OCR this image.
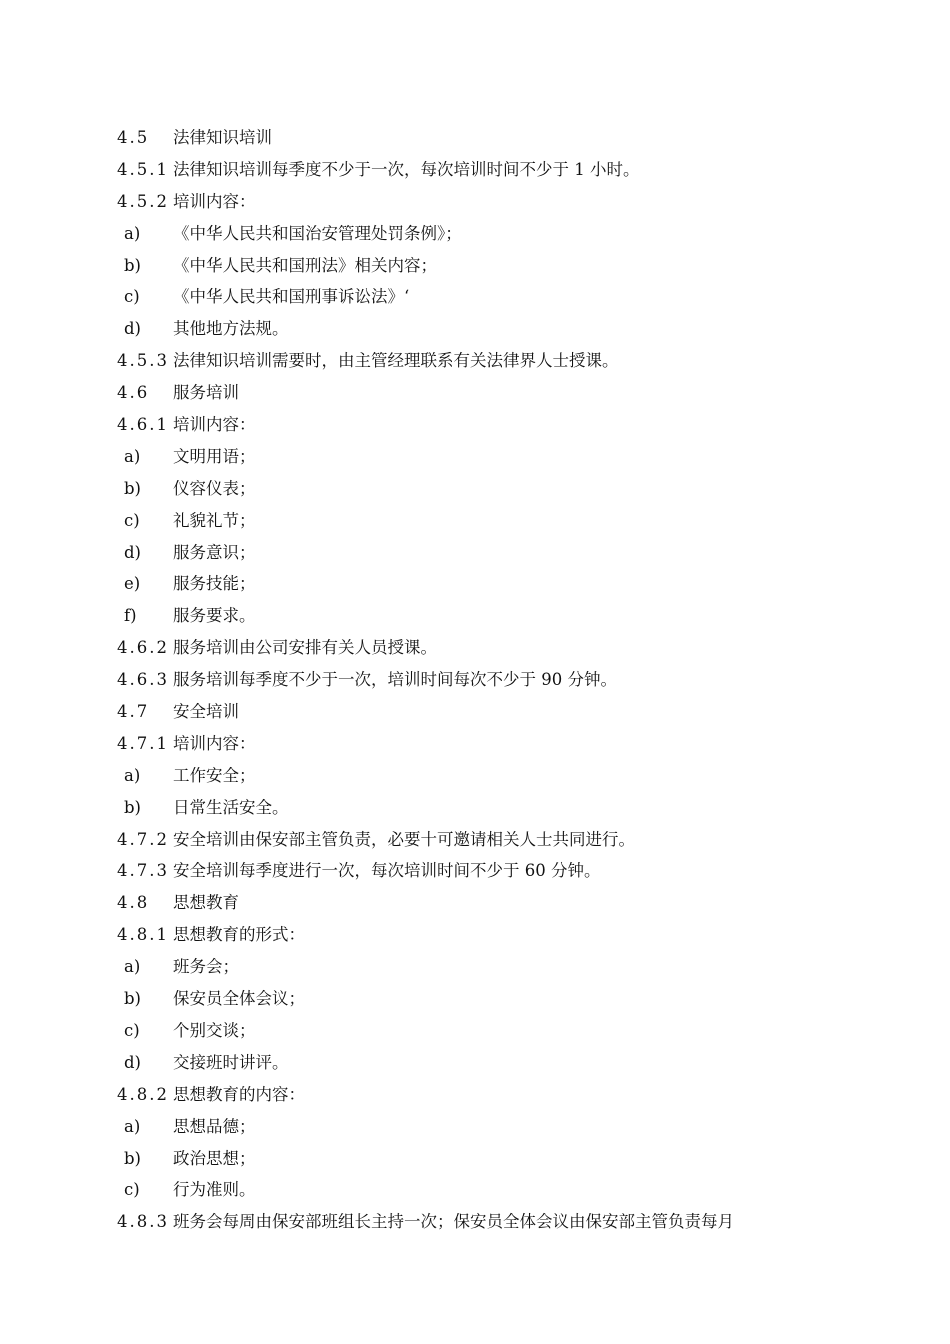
4.5 法律知识培训
4.5.1 法律知识培训每季度不少于一次，每次培训时间不少于 1 小时。
4.5.2 培训内容：
a) 《中华人民共和国治安管理处罚条例》；
b) 《中华人民共和国刑法》相关内容；
c) 《中华人民共和国刑事诉讼法》‘
d) 其他地方法规。
4.5.3 法律知识培训需要时，由主管经理联系有关法律界人士授课。
4.6 服务培训
4.6.1 培训内容：
a) 文明用语；
b) 仪容仪表；
c) 礼貌礼节；
d) 服务意识；
e) 服务技能；
f) 服务要求。
4.6.2 服务培训由公司安排有关人员授课。
4.6.3 服务培训每季度不少于一次，培训时间每次不少于 90 分钟。
4.7 安全培训
4.7.1 培训内容：
a) 工作安全；
b) 日常生活安全。
4.7.2 安全培训由保安部主管负责，必要十可邀请相关人士共同进行。
4.7.3 安全培训每季度进行一次，每次培训时间不少于 60 分钟。
4.8 思想教育
4.8.1 思想教育的形式：
a) 班务会；
b) 保安员全体会议；
c) 个别交谈；
d) 交接班时讲评。
4.8.2 思想教育的内容：
a) 思想品德；
b) 政治思想；
c) 行为准则。
4.8.3 班务会每周由保安部班组长主持一次；保安员全体会议由保安部主管负责每月
